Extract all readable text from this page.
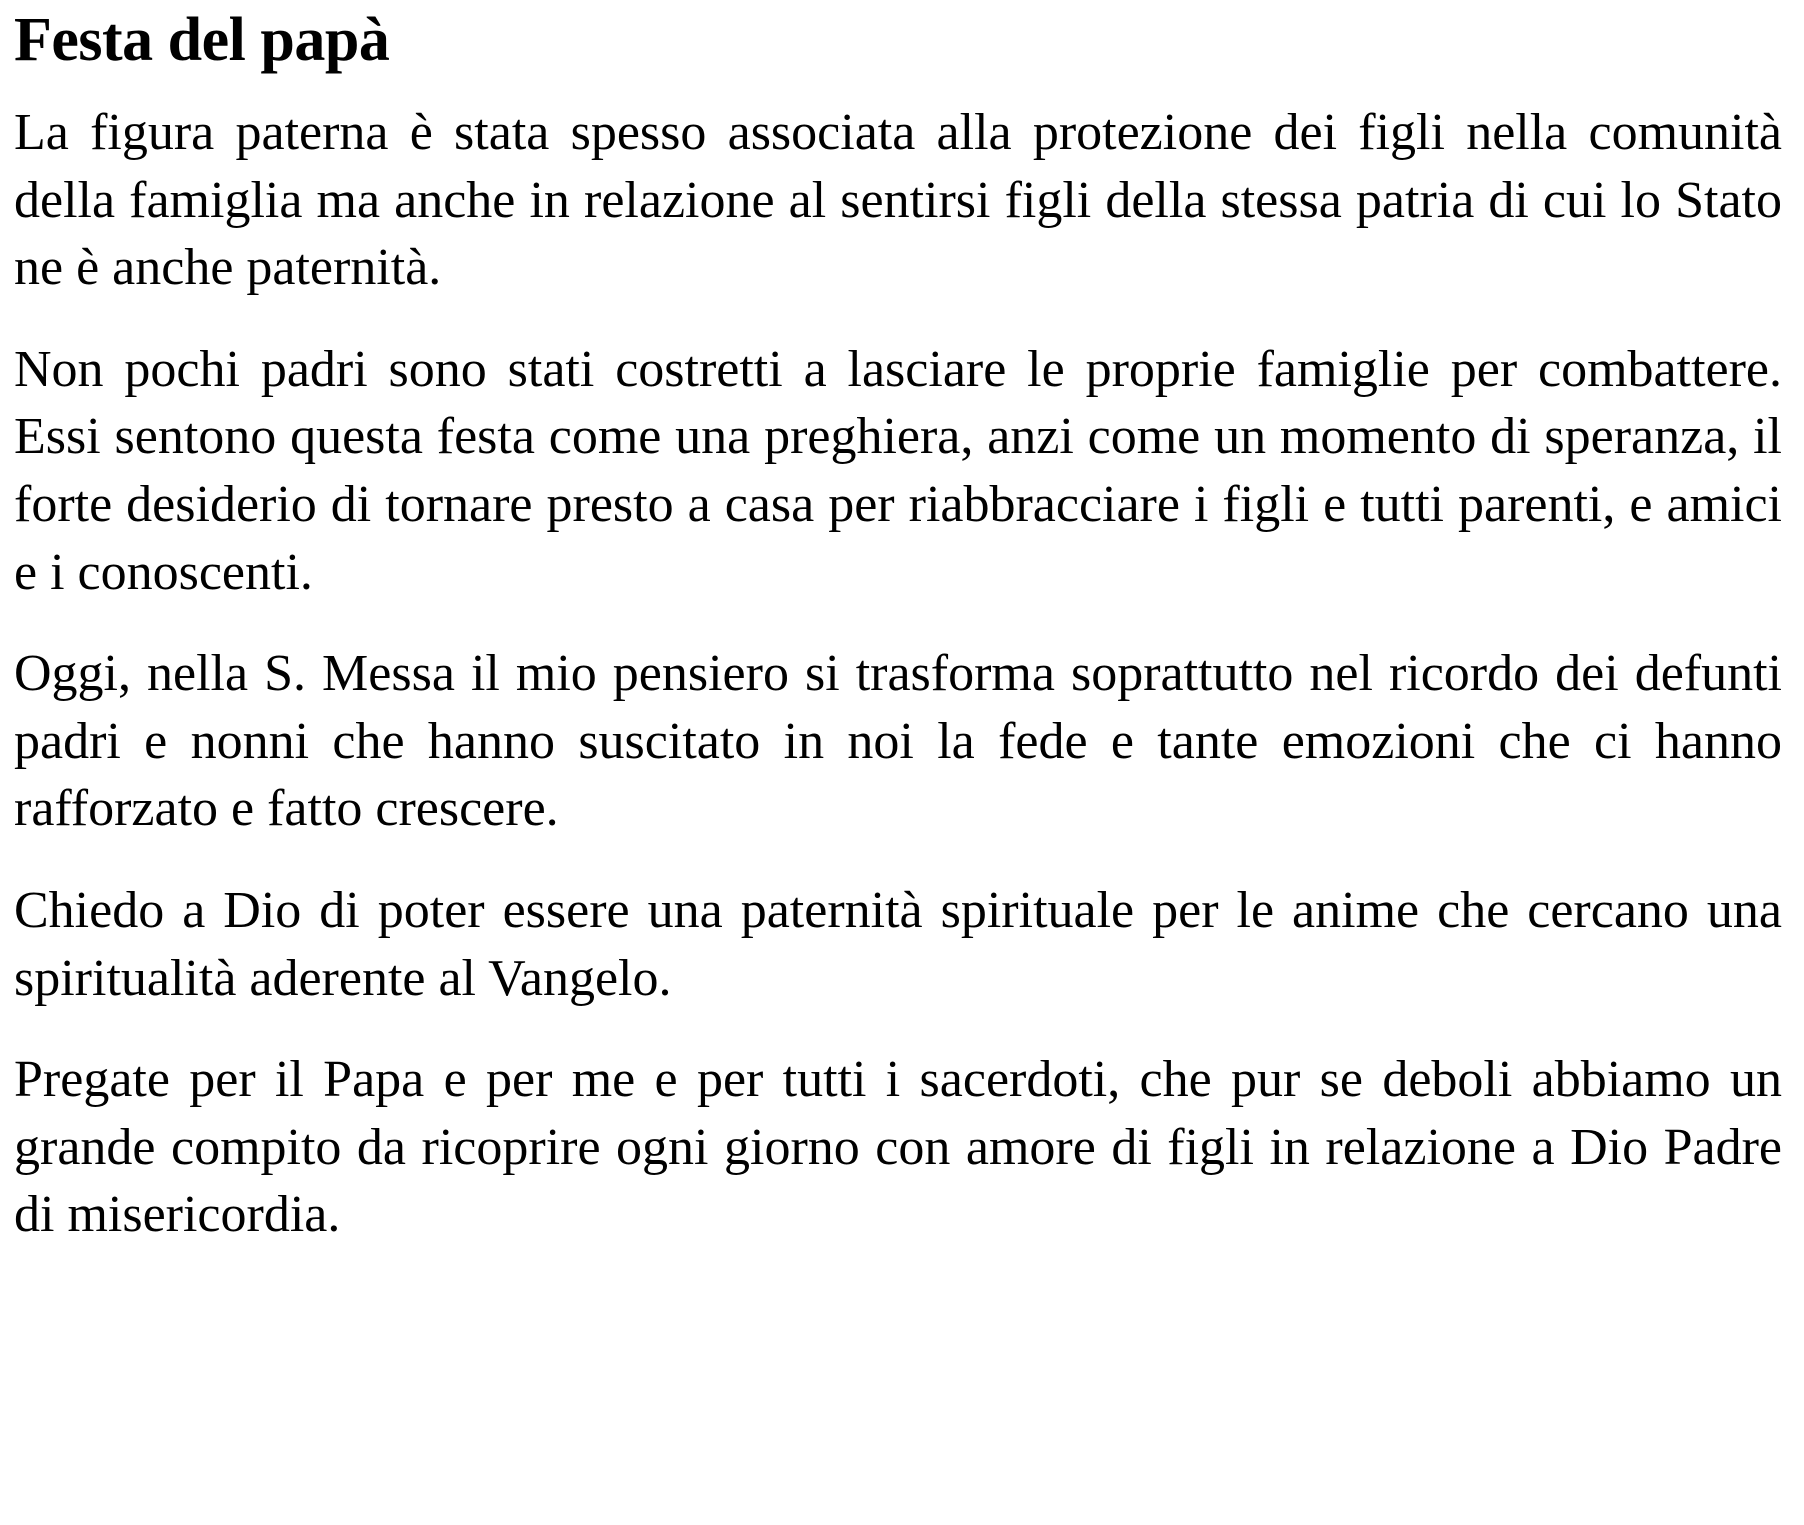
Festa del papà

La figura paterna è stata spesso associata alla protezione dei figli nella comunità della famiglia ma anche in relazione al sentirsi figli della stessa patria di cui lo Stato ne è anche paternità.

Non pochi padri sono stati costretti a lasciare le proprie famiglie per combattere. Essi sentono questa festa come una preghiera, anzi come un momento di speranza, il forte desiderio di tornare presto a casa per riabbracciare i figli e tutti parenti, e amici e i conoscenti.

Oggi, nella S. Messa il mio pensiero si trasforma soprattutto nel ricordo dei defunti padri e nonni che hanno suscitato in noi la fede e tante emozioni che ci hanno rafforzato e fatto crescere.

Chiedo a Dio di poter essere una paternità spirituale per le anime che cercano una spiritualità aderente al Vangelo.

Pregate per il Papa e per me e per tutti i sacerdoti, che pur se deboli abbiamo un grande compito da ricoprire ogni giorno con amore di figli in relazione a Dio Padre di misericordia.
